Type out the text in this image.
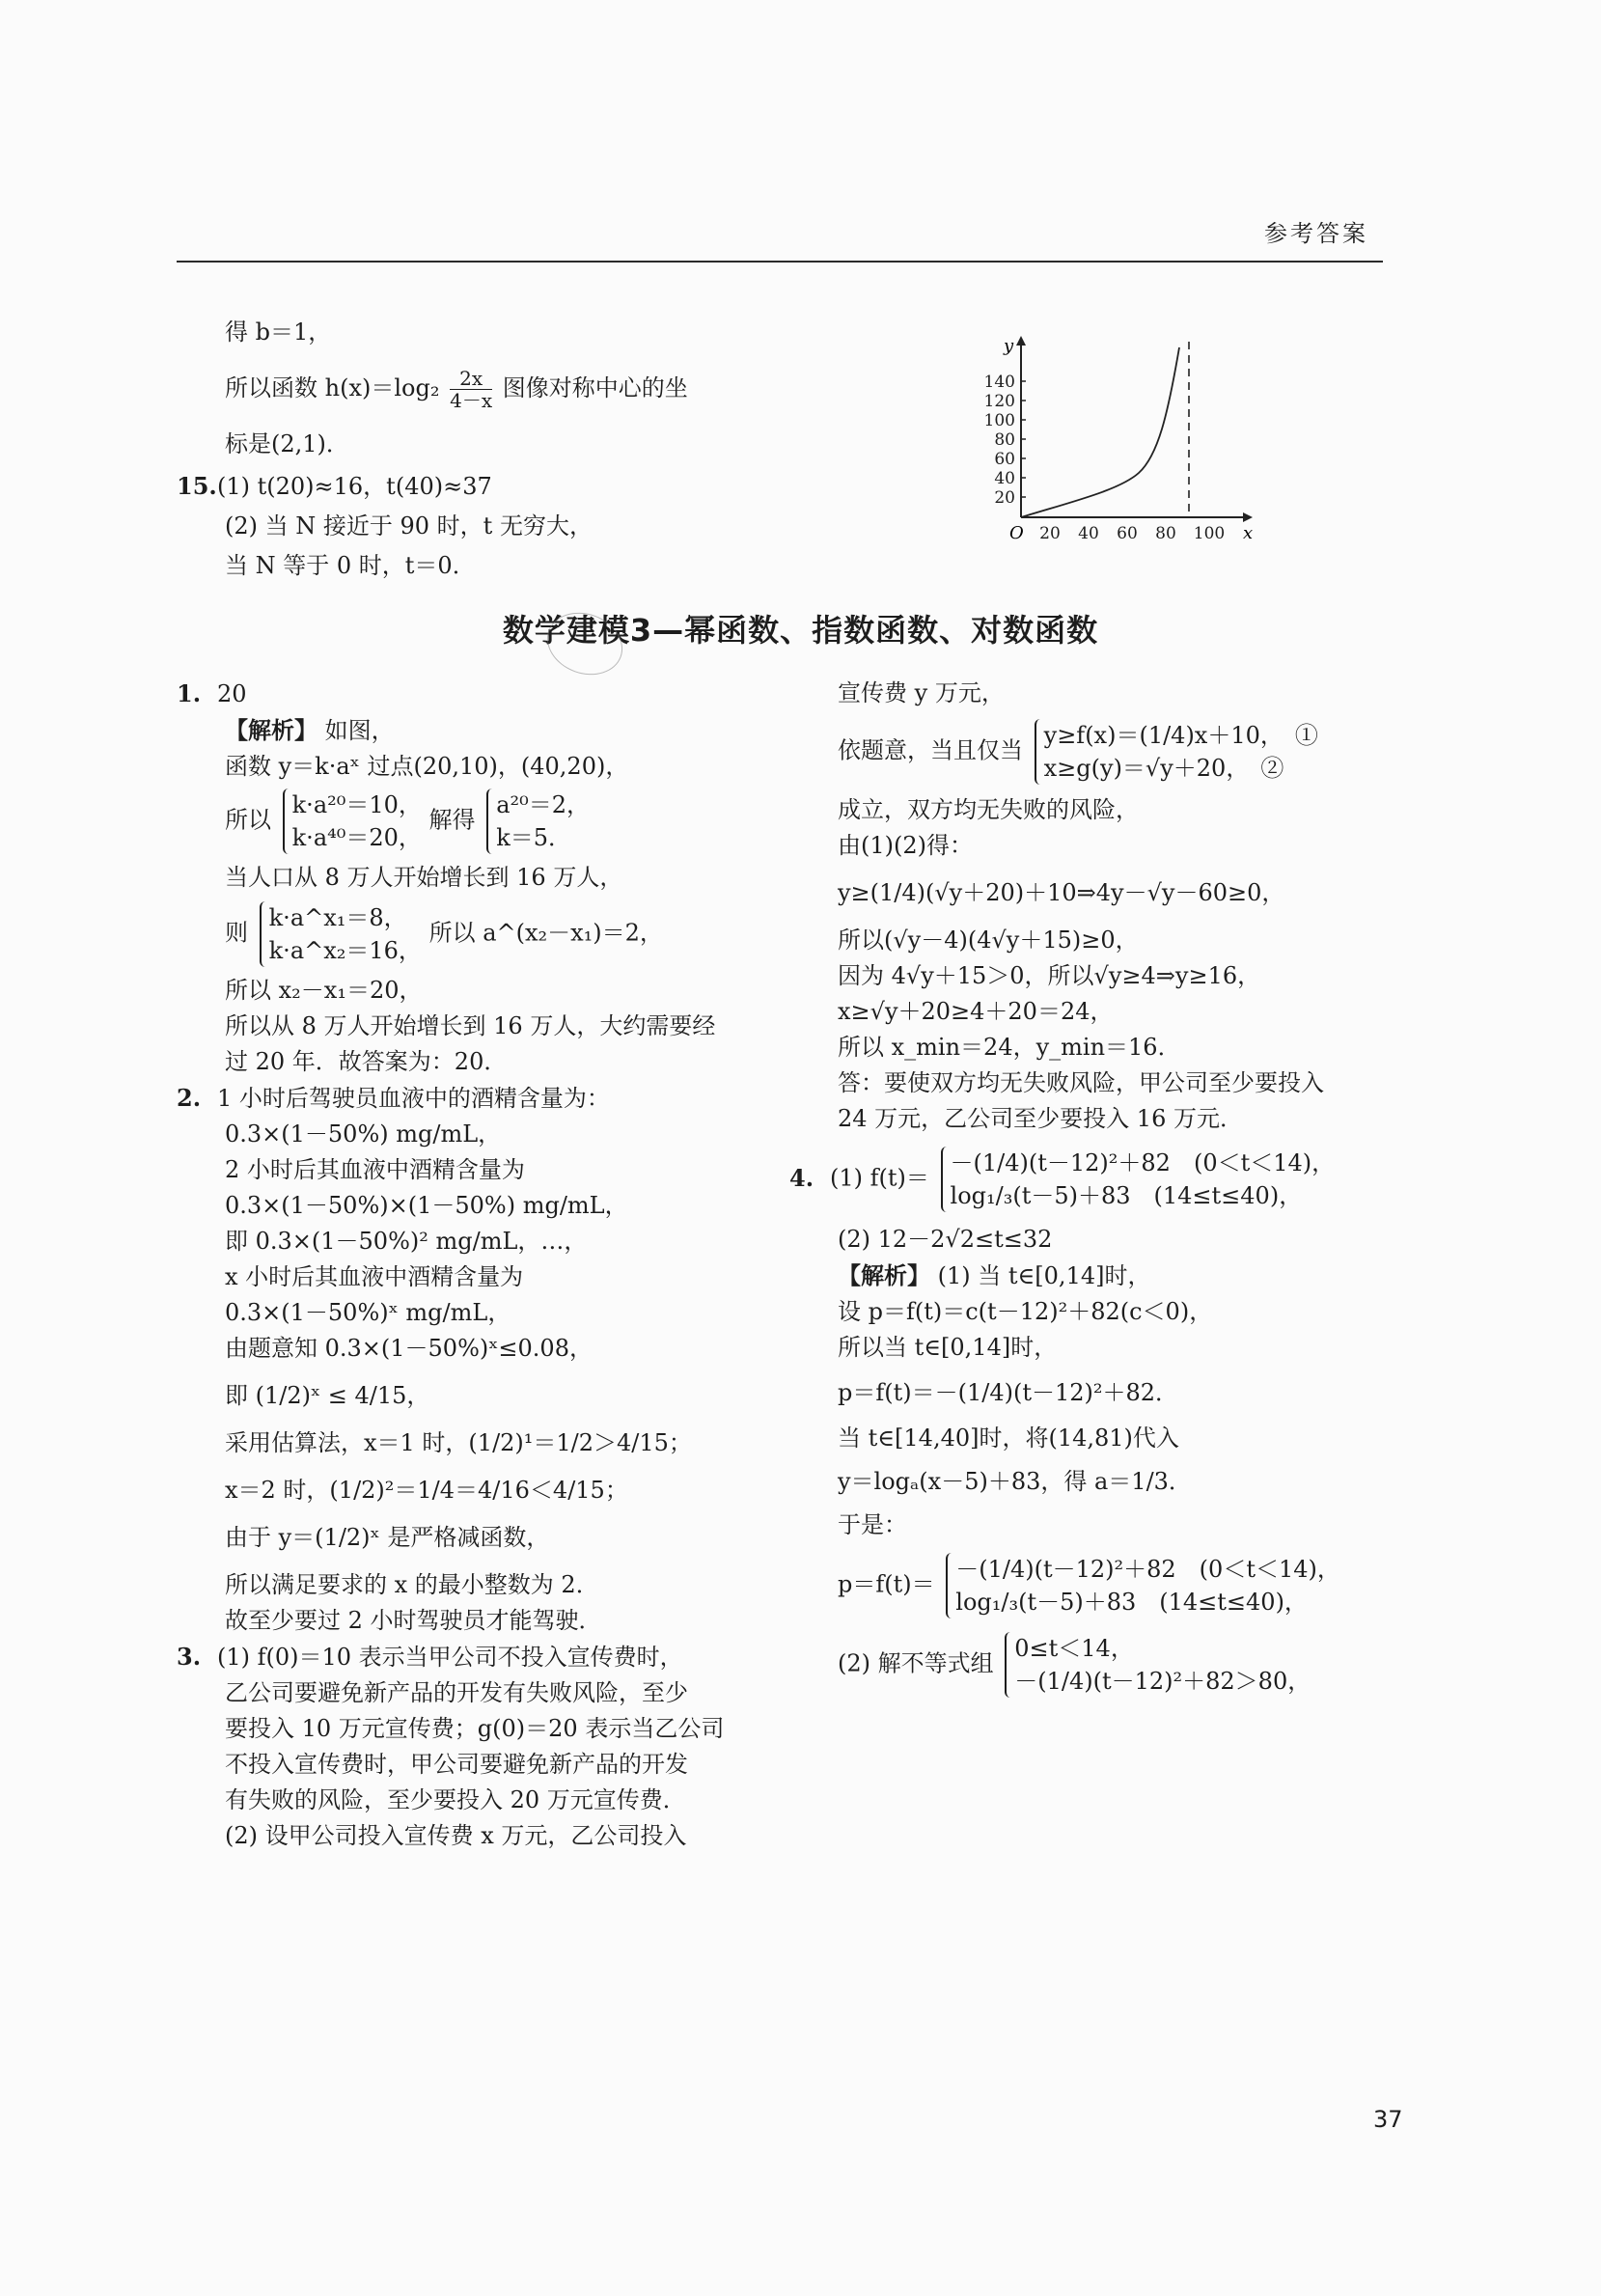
参考答案

得 b＝1，

所以函数 $h(x)=\log_2 \frac{2x}{4-x}$ 图像对称中心的坐

标是(2,1)．

15.(1) t(20)≈16，t(40)≈37

(2) 当 N 接近于 90 时，t 无穷大，

当 N 等于 0 时，t＝0．

140
120
100
80
60
40
20
20 40 60 80 100
O	x
y
数学建模3—幂函数、指数函数、对数函数

1. 20

【解析】 如图，

函数 y＝k·aˣ 过点(20,10)，(40,20)，

所以
k·a²⁰＝10，
k·a⁴⁰＝20，
解得
a²⁰＝2，
k＝5．

当人口从 8 万人开始增长到 16 万人，

则
k·a^x₁＝8，
k·a^x₂＝16，
所以 a^(x₂－x₁)＝2，

所以 x₂－x₁＝20，

所以从 8 万人开始增长到 16 万人，大约需要经

过 20 年．故答案为：20．

2. 1 小时后驾驶员血液中的酒精含量为：

0.3×(1－50%) mg/mL，

2 小时后其血液中酒精含量为

0.3×(1－50%)×(1－50%) mg/mL，

即 0.3×(1－50%)² mg/mL，…，

x 小时后其血液中酒精含量为

0.3×(1－50%)ˣ mg/mL，

由题意知 0.3×(1－50%)ˣ≤0.08，

即 (1/2)ˣ ≤ 4/15，

采用估算法，x＝1 时，(1/2)¹＝1/2＞4/15；

x＝2 时，(1/2)²＝1/4＝4/16＜4/15；

由于 y＝(1/2)ˣ 是严格减函数，

所以满足要求的 x 的最小整数为 2．

故至少要过 2 小时驾驶员才能驾驶．

3. (1) f(0)＝10 表示当甲公司不投入宣传费时，

乙公司要避免新产品的开发有失败风险，至少

要投入 10 万元宣传费；g(0)＝20 表示当乙公司

不投入宣传费时，甲公司要避免新产品的开发

有失败的风险，至少要投入 20 万元宣传费．

(2) 设甲公司投入宣传费 x 万元，乙公司投入

宣传费 y 万元，

依题意，当且仅当
y≥f(x)＝(1/4)x＋10，　①
x≥g(y)＝√y＋20，　②

成立，双方均无失败的风险，

由(1)(2)得：

y≥(1/4)(√y＋20)＋10⇒4y－√y－60≥0，

所以(√y－4)(4√y＋15)≥0，

因为 4√y＋15＞0，所以√y≥4⇒y≥16，

x≥√y＋20≥4＋20＝24，

所以 x_min＝24，y_min＝16．

答：要使双方均无失败风险，甲公司至少要投入

24 万元，乙公司至少要投入 16 万元．

4. (1) f(t)＝
－(1/4)(t－12)²＋82　(0＜t＜14)，
log₁/₃(t－5)＋83　(14≤t≤40)，

(2) 12－2√2≤t≤32

【解析】 (1) 当 t∈[0,14]时，

设 p＝f(t)＝c(t－12)²＋82(c＜0)，

所以当 t∈[0,14]时，

p＝f(t)＝－(1/4)(t－12)²＋82．

当 t∈[14,40]时，将(14,81)代入

y＝logₐ(x－5)＋83，得 a＝1/3．

于是：

p＝f(t)＝
－(1/4)(t－12)²＋82　(0＜t＜14)，
log₁/₃(t－5)＋83　(14≤t≤40)，

(2) 解不等式组
0≤t＜14，
－(1/4)(t－12)²＋82＞80，

37
